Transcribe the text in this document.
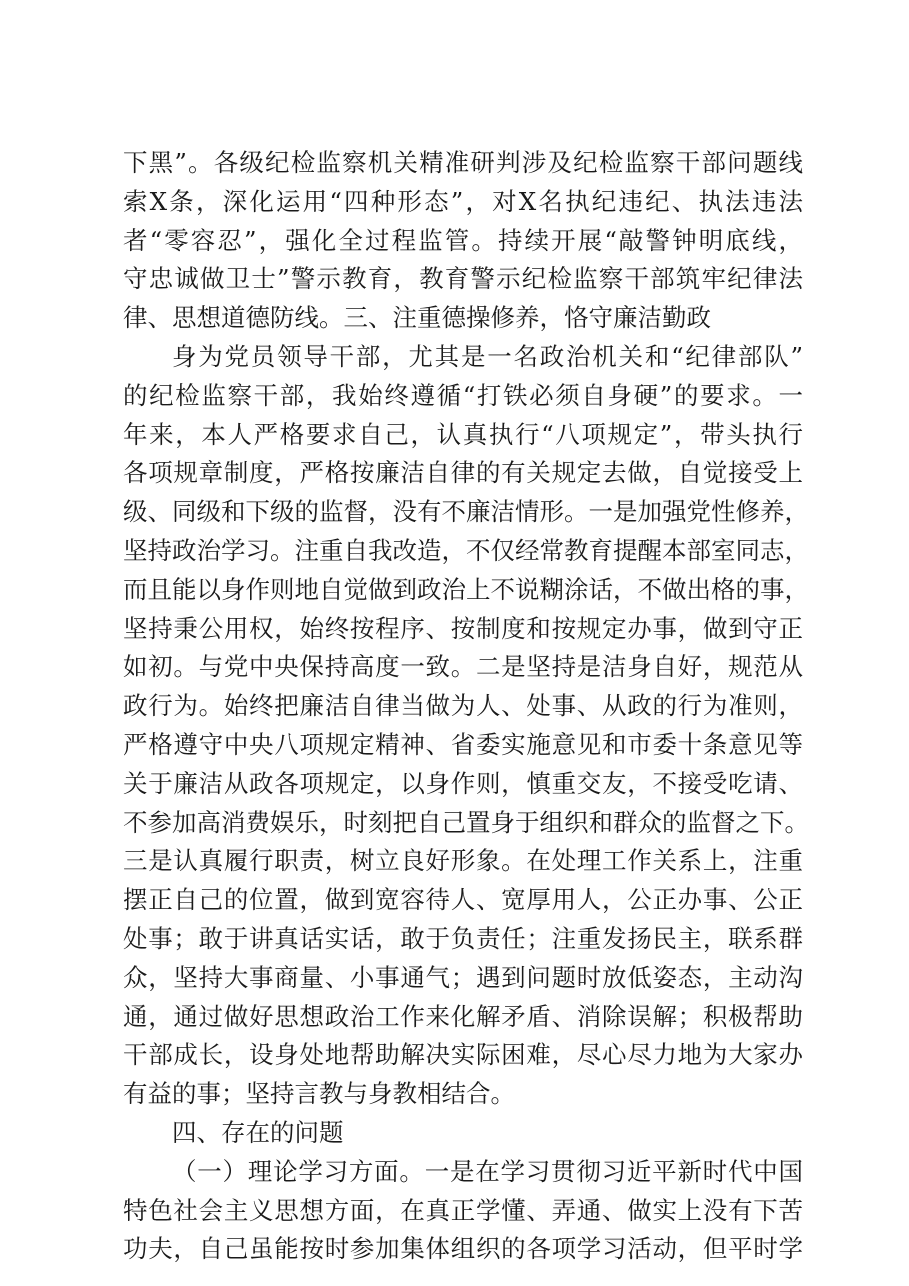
下黑”。各级纪检监察机关精准研判涉及纪检监察干部问题线
索X条，深化运用“四种形态”，对X名执纪违纪、执法违法
者“零容忍”，强化全过程监管。持续开展“敲警钟明底线，
守忠诚做卫士”警示教育，教育警示纪检监察干部筑牢纪律法
律、思想道德防线。三、注重德操修养，恪守廉洁勤政
身为党员领导干部，尤其是一名政治机关和“纪律部队”
的纪检监察干部，我始终遵循“打铁必须自身硬”的要求。一
年来，本人严格要求自己，认真执行“八项规定”，带头执行
各项规章制度，严格按廉洁自律的有关规定去做，自觉接受上
级、同级和下级的监督，没有不廉洁情形。一是加强党性修养，
坚持政治学习。注重自我改造，不仅经常教育提醒本部室同志，
而且能以身作则地自觉做到政治上不说糊涂话，不做出格的事，
坚持秉公用权，始终按程序、按制度和按规定办事，做到守正
如初。与党中央保持高度一致。二是坚持是洁身自好，规范从
政行为。始终把廉洁自律当做为人、处事、从政的行为准则，
严格遵守中央八项规定精神、省委实施意见和市委十条意见等
关于廉洁从政各项规定，以身作则，慎重交友，不接受吃请、
不参加高消费娱乐，时刻把自己置身于组织和群众的监督之下。
三是认真履行职责，树立良好形象。在处理工作关系上，注重
摆正自己的位置，做到宽容待人、宽厚用人，公正办事、公正
处事；敢于讲真话实话，敢于负责任；注重发扬民主，联系群
众，坚持大事商量、小事通气；遇到问题时放低姿态，主动沟
通，通过做好思想政治工作来化解矛盾、消除误解；积极帮助
干部成长，设身处地帮助解决实际困难，尽心尽力地为大家办
有益的事；坚持言教与身教相结合。
四、存在的问题
（一）理论学习方面。一是在学习贯彻习近平新时代中国
特色社会主义思想方面，在真正学懂、弄通、做实上没有下苦
功夫，自己虽能按时参加集体组织的各项学习活动，但平时学
